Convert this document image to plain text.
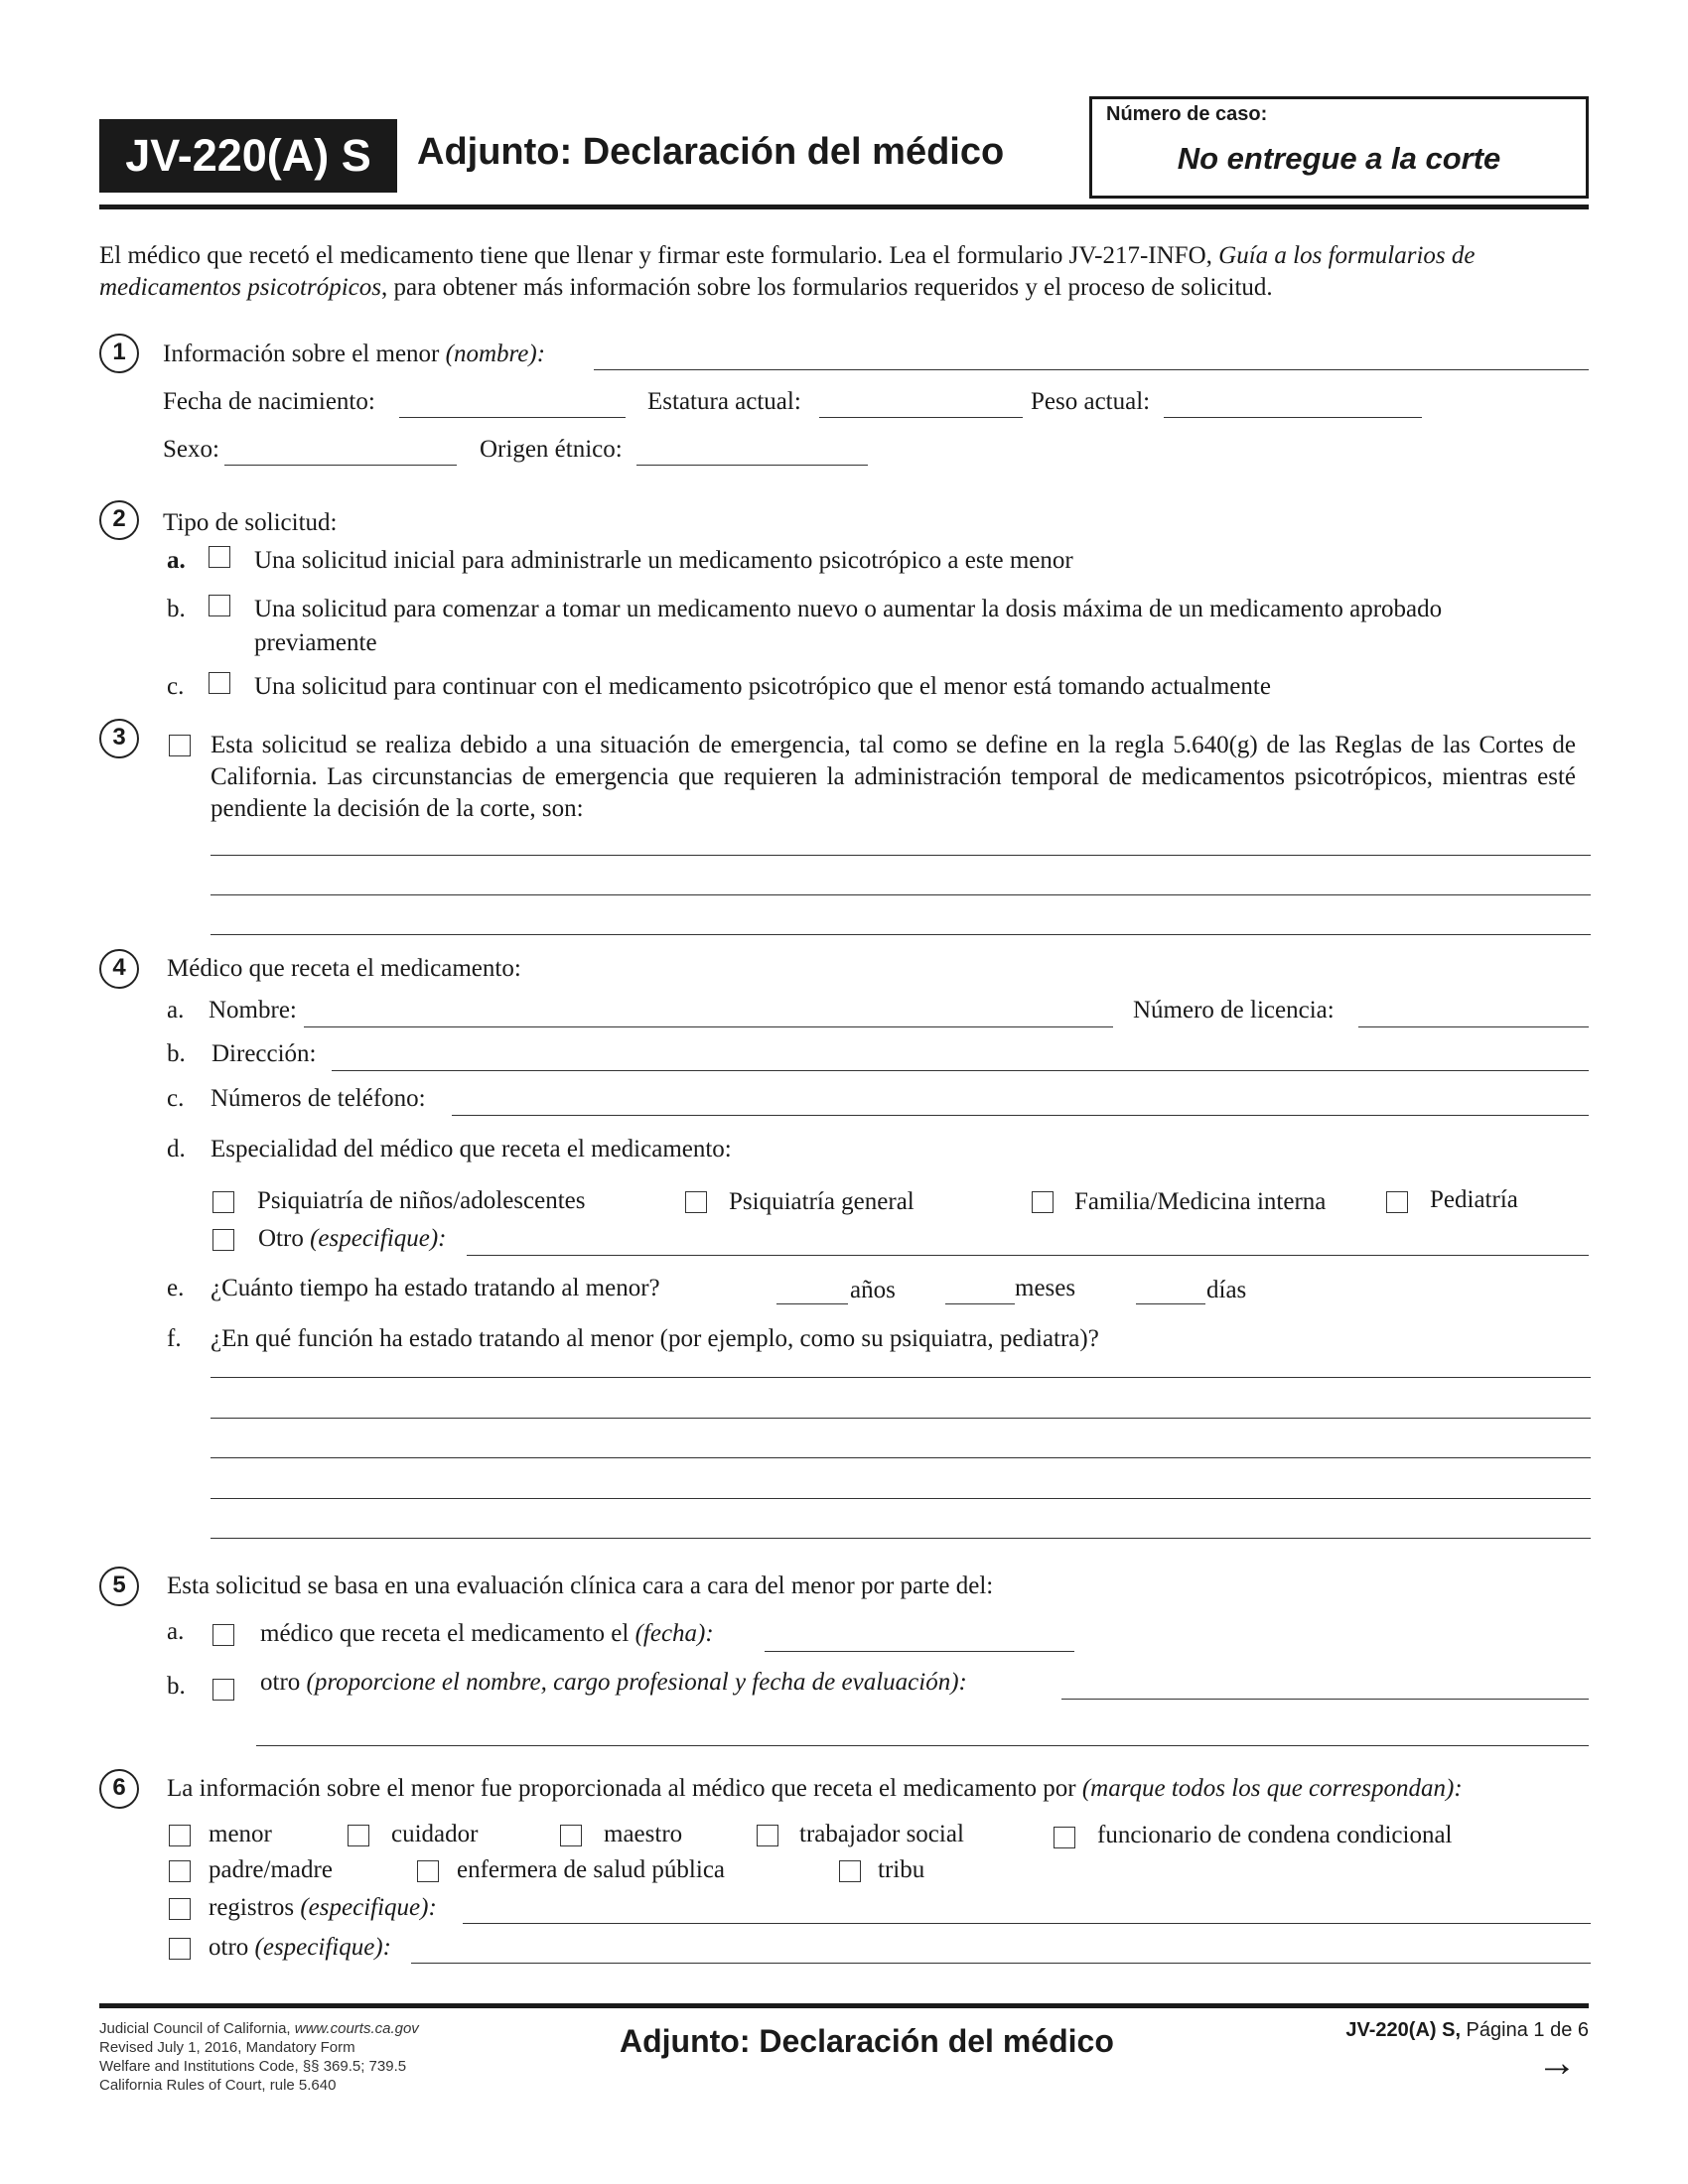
JV-220(A) S	Adjunto: Declaración del médico
Número de caso:
No entregue a la corte
El médico que recetó el medicamento tiene que llenar y firmar este formulario. Lea el formulario JV-217-INFO, Guía a los formularios de medicamentos psicotrópicos, para obtener más información sobre los formularios requeridos y el proceso de solicitud.
1	Información sobre el menor (nombre):
Fecha de nacimiento:	Estatura actual:	Peso actual:
Sexo:	Origen étnico:
2	Tipo de solicitud:
a.	Una solicitud inicial para administrarle un medicamento psicotrópico a este menor
b.	Una solicitud para comenzar a tomar un medicamento nuevo o aumentar la dosis máxima de un medicamento aprobado
previamente
c.	Una solicitud para continuar con el medicamento psicotrópico que el menor está tomando actualmente
3	Esta solicitud se realiza debido a una situación de emergencia, tal como se define en la regla 5.640(g) de las Reglas de las Cortes de California. Las circunstancias de emergencia que requieren la administración temporal de medicamentos psicotrópicos, mientras esté pendiente la decisión de la corte, son:
4	Médico que receta el medicamento:
a. Nombre:	Número de licencia:
b. Dirección:
c. Números de teléfono:
d. Especialidad del médico que receta el medicamento:
Psiquiatría de niños/adolescentes	Psiquiatría general	Familia/Medicina interna	Pediatría
Otro (especifique):
e. ¿Cuánto tiempo ha estado tratando al menor?	años	meses	días
f. ¿En qué función ha estado tratando al menor (por ejemplo, como su psiquiatra, pediatra)?
5	Esta solicitud se basa en una evaluación clínica cara a cara del menor por parte del:
a.	médico que receta el medicamento el (fecha):
b.	otro (proporcione el nombre, cargo profesional y fecha de evaluación):
6	La información sobre el menor fue proporcionada al médico que receta el medicamento por (marque todos los que correspondan):
menor	cuidador	maestro	trabajador social	funcionario de condena condicional
padre/madre	enfermera de salud pública	tribu
registros (especifique):
otro (especifique):
Judicial Council of California, www.courts.ca.gov
Revised July 1, 2016, Mandatory Form
Welfare and Institutions Code, §§ 369.5; 739.5
California Rules of Court, rule 5.640
Adjunto: Declaración del médico	JV-220(A) S, Página 1 de 6
→
